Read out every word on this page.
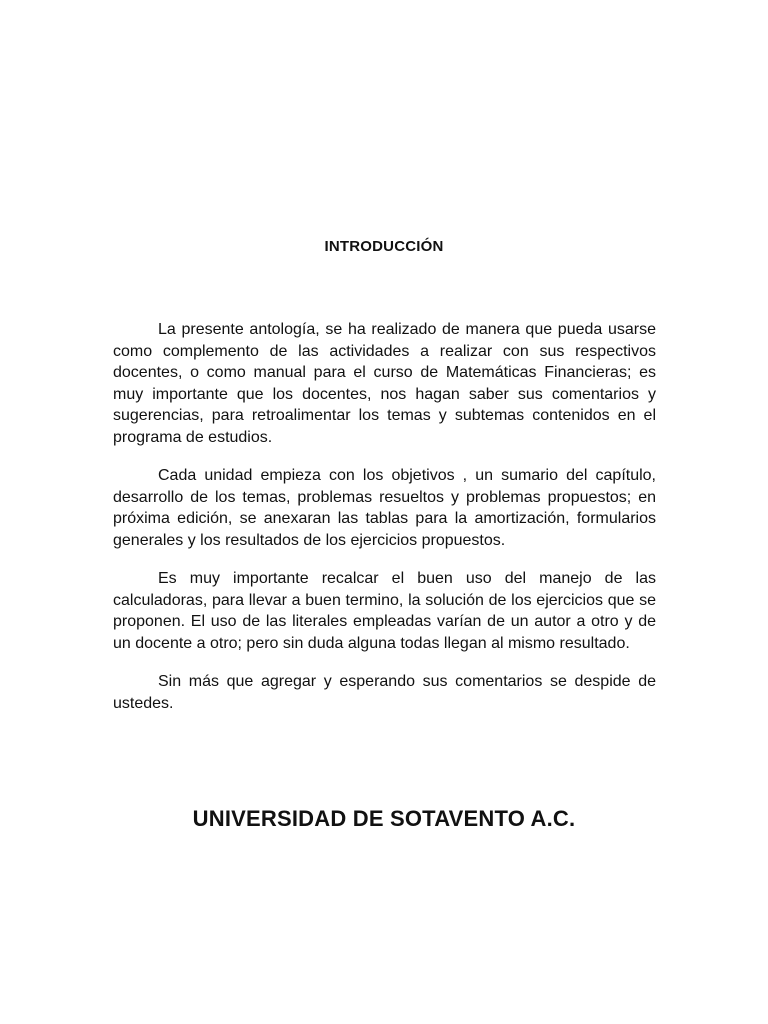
INTRODUCCIÓN

La presente antología, se ha realizado de manera que pueda usarse como complemento de las actividades a realizar con sus respectivos docentes, o como manual para el curso de Matemáticas Financieras; es muy importante que los docentes, nos hagan saber sus comentarios y sugerencias, para retroalimentar los temas y subtemas contenidos en el programa de estudios.

Cada unidad empieza con los objetivos , un sumario del capítulo, desarrollo de los temas, problemas resueltos y problemas propuestos; en próxima edición, se anexaran las tablas para la amortización, formularios generales y los resultados de los ejercicios propuestos.

Es muy importante recalcar el buen uso del manejo de las calculadoras, para llevar a buen termino, la solución de los ejercicios que se proponen. El uso de las literales empleadas varían de un autor a otro y de un docente a otro; pero sin duda alguna todas llegan al mismo resultado.

Sin más que agregar y esperando sus comentarios se despide de ustedes.

UNIVERSIDAD DE SOTAVENTO A.C.
